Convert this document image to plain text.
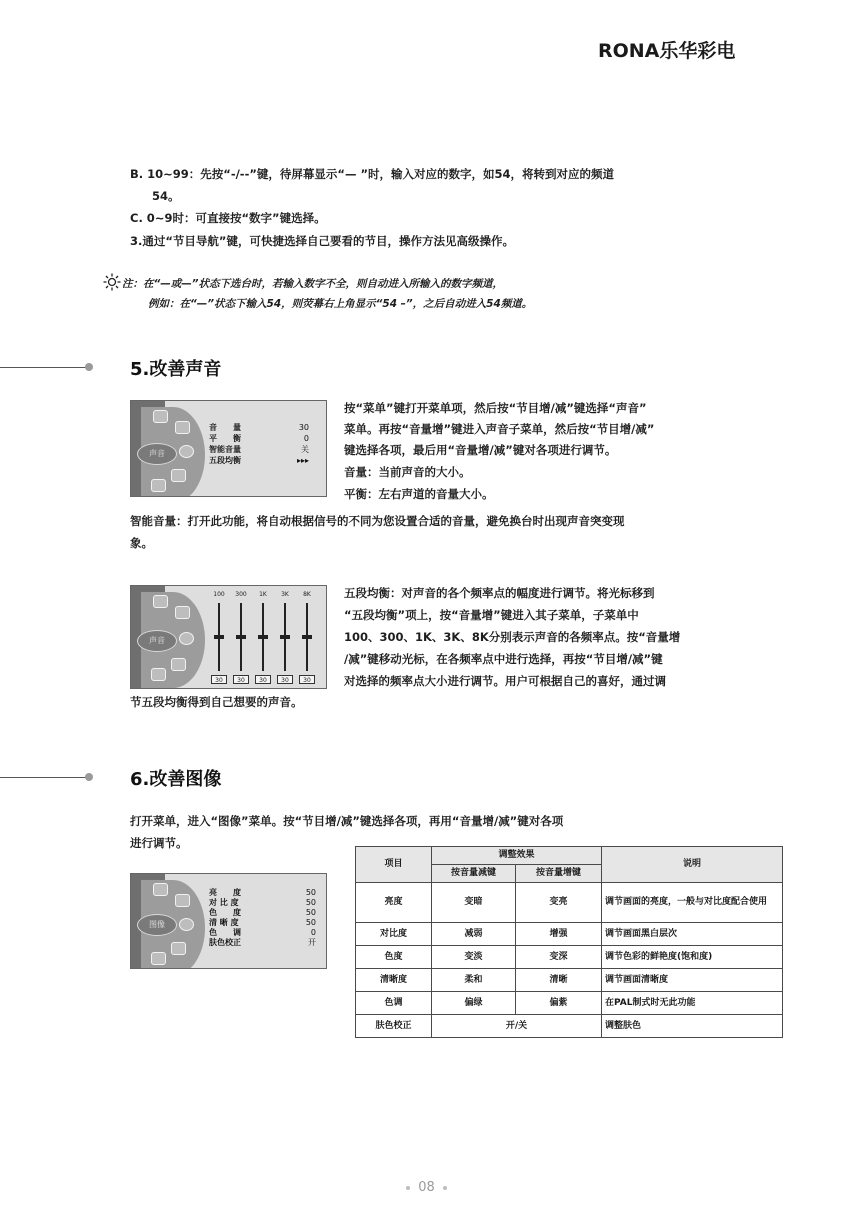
RONA乐华彩电
B. 10~99：先按“-/--”键，待屏幕显示“— ”时，输入对应的数字，如54，将转到对应的频道
54。
C. 0~9时：可直接按“数字”键选择。
3.通过“节目导航”键，可快捷选择自己要看的节目，操作方法见高级操作。
注：在“—或—”状态下选台时，若输入数字不全，则自动进入所输入的数字频道，
例如：在“—”状态下输入54，则荧幕右上角显示“54 –”，之后自动进入54频道。
5.改善声音
声音
音　　量	30
平　　衡	0
智能音量	关
五段均衡	▸▸▸
按“菜单”键打开菜单项，然后按“节目增/减”键选择“声音”
菜单。再按“音量增”键进入声音子菜单，然后按“节目增/减”
键选择各项，最后用“音量增/减”键对各项进行调节。
音量：当前声音的大小。
平衡：左右声道的音量大小。
智能音量：打开此功能，将自动根据信号的不同为您设置合适的音量，避免换台时出现声音突变现
象。
声音
100	300	1K	3K	8K
30	30	30	30	30
五段均衡：对声音的各个频率点的幅度进行调节。将光标移到
“五段均衡”项上，按“音量增”键进入其子菜单，子菜单中
100、300、1K、3K、8K分别表示声音的各频率点。按“音量增
/减”键移动光标，在各频率点中进行选择，再按“节目增/减”键
对选择的频率点大小进行调节。用户可根据自己的喜好，通过调
节五段均衡得到自己想要的声音。
6.改善图像
打开菜单，进入“图像”菜单。按“节目增/减”键选择各项，再用“音量增/减”键对各项
进行调节。
图像
亮　　度	50
对 比 度	50
色　　度	50
清 晰 度	50
色　　调	0
肤色校正	开
项目	调整效果		说明
	按音量减键	按音量增键	
亮度	变暗	变亮	调节画面的亮度，一般与对比度配合使用
对比度	减弱	增强	调节画面黑白层次
色度	变淡	变深	调节色彩的鲜艳度(饱和度)
清晰度	柔和	清晰	调节画面清晰度
色调	偏绿	偏紫	在PAL制式时无此功能
肤色校正	开/关		调整肤色
08
